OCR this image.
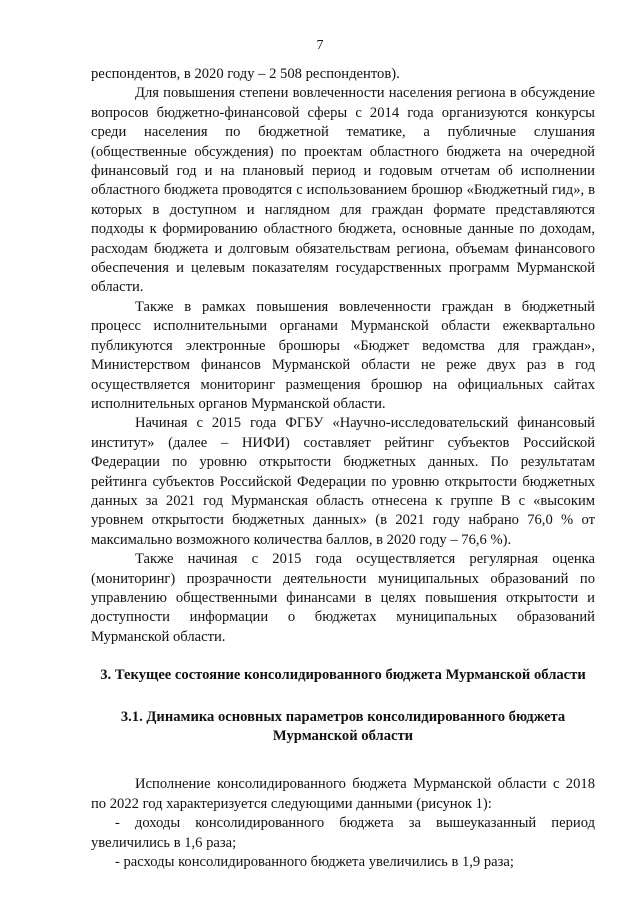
7

респондентов, в 2020 году – 2 508 респондентов).

Для повышения степени вовлеченности населения региона в обсуждение вопросов бюджетно-финансовой сферы с 2014 года организуются конкурсы среди населения по бюджетной тематике, а публичные слушания (общественные обсуждения) по проектам областного бюджета на очередной финансовый год и на плановый период и годовым отчетам об исполнении областного бюджета проводятся с использованием брошюр «Бюджетный гид», в которых в доступном и наглядном для граждан формате представляются подходы к формированию областного бюджета, основные данные по доходам, расходам бюджета и долговым обязательствам региона, объемам финансового обеспечения и целевым показателям государственных программ Мурманской области.

Также в рамках повышения вовлеченности граждан в бюджетный процесс исполнительными органами Мурманской области ежеквартально публикуются электронные брошюры «Бюджет ведомства для граждан», Министерством финансов Мурманской области не реже двух раз в год осуществляется мониторинг размещения брошюр на официальных сайтах исполнительных органов Мурманской области.

Начиная с 2015 года ФГБУ «Научно-исследовательский финансовый институт» (далее – НИФИ) составляет рейтинг субъектов Российской Федерации по уровню открытости бюджетных данных. По результатам рейтинга субъектов Российской Федерации по уровню открытости бюджетных данных за 2021 год Мурманская область отнесена к группе B с «высоким уровнем открытости бюджетных данных» (в 2021 году набрано 76,0 % от максимально возможного количества баллов, в 2020 году – 76,6 %).

Также начиная с 2015 года осуществляется регулярная оценка (мониторинг) прозрачности деятельности муниципальных образований по управлению общественными финансами в целях повышения открытости и доступности информации о бюджетах муниципальных образований Мурманской области.

3. Текущее состояние консолидированного бюджета Мурманской области

3.1. Динамика основных параметров консолидированного бюджета Мурманской области

Исполнение консолидированного бюджета Мурманской области с 2018 по 2022 год характеризуется следующими данными (рисунок 1):

- доходы консолидированного бюджета за вышеуказанный период увеличились в 1,6 раза;

- расходы консолидированного бюджета увеличились в 1,9 раза;
